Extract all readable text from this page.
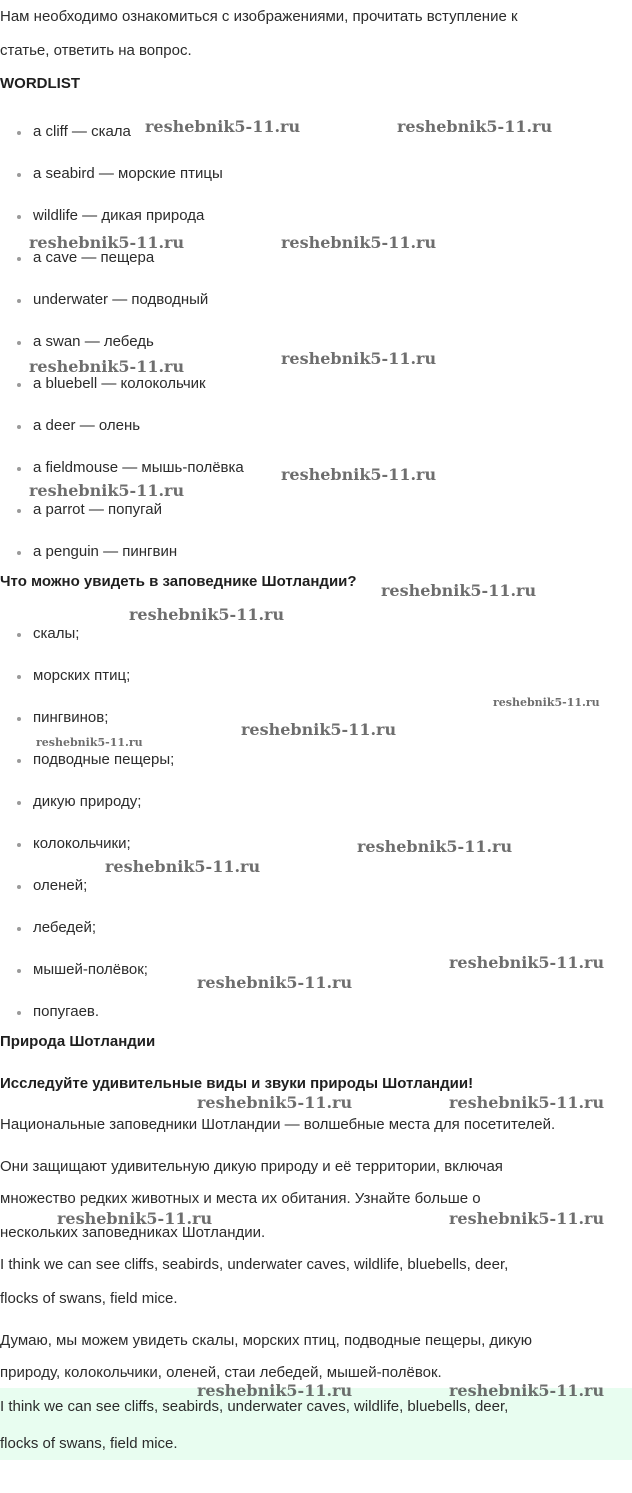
Нам необходимо ознакомиться с изображениями, прочитать вступление к
статье, ответить на вопрос.
WORDLIST
a cliff — скала
a seabird — морские птицы
wildlife — дикая природа
a cave — пещера
underwater — подводный
a swan — лебедь
a bluebell — колокольчик
a deer — олень
a fieldmouse — мышь-полёвка
a parrot — попугай
a penguin — пингвин
Что можно увидеть в заповеднике Шотландии?
скалы;
морских птиц;
пингвинов;
подводные пещеры;
дикую природу;
колокольчики;
оленей;
лебедей;
мышей-полёвок;
попугаев.
Природа Шотландии
Исследуйте удивительные виды и звуки природы Шотландии!
Национальные заповедники Шотландии — волшебные места для посетителей.
Они защищают удивительную дикую природу и её территории, включая
множество редких животных и места их обитания. Узнайте больше о
нескольких заповедниках Шотландии.
I think we can see cliffs, seabirds, underwater caves, wildlife, bluebells, deer,
flocks of swans, field mice.
Думаю, мы можем увидеть скалы, морских птиц, подводные пещеры, дикую
природу, колокольчики, оленей, стаи лебедей, мышей-полёвок.
I think we can see cliffs, seabirds, underwater caves, wildlife, bluebells, deer,
flocks of swans, field mice.
reshebnik5-11.ru	reshebnik5-11.ru
reshebnik5-11.ru	reshebnik5-11.ru
reshebnik5-11.ru	reshebnik5-11.ru
reshebnik5-11.ru
reshebnik5-11.ru
reshebnik5-11.ru
reshebnik5-11.ru
reshebnik5-11.ru
reshebnik5-11.ru
reshebnik5-11.ru
reshebnik5-11.ru
reshebnik5-11.ru
reshebnik5-11.ru
reshebnik5-11.ru
reshebnik5-11.ru	reshebnik5-11.ru
reshebnik5-11.ru	reshebnik5-11.ru
reshebnik5-11.ru	reshebnik5-11.ru
